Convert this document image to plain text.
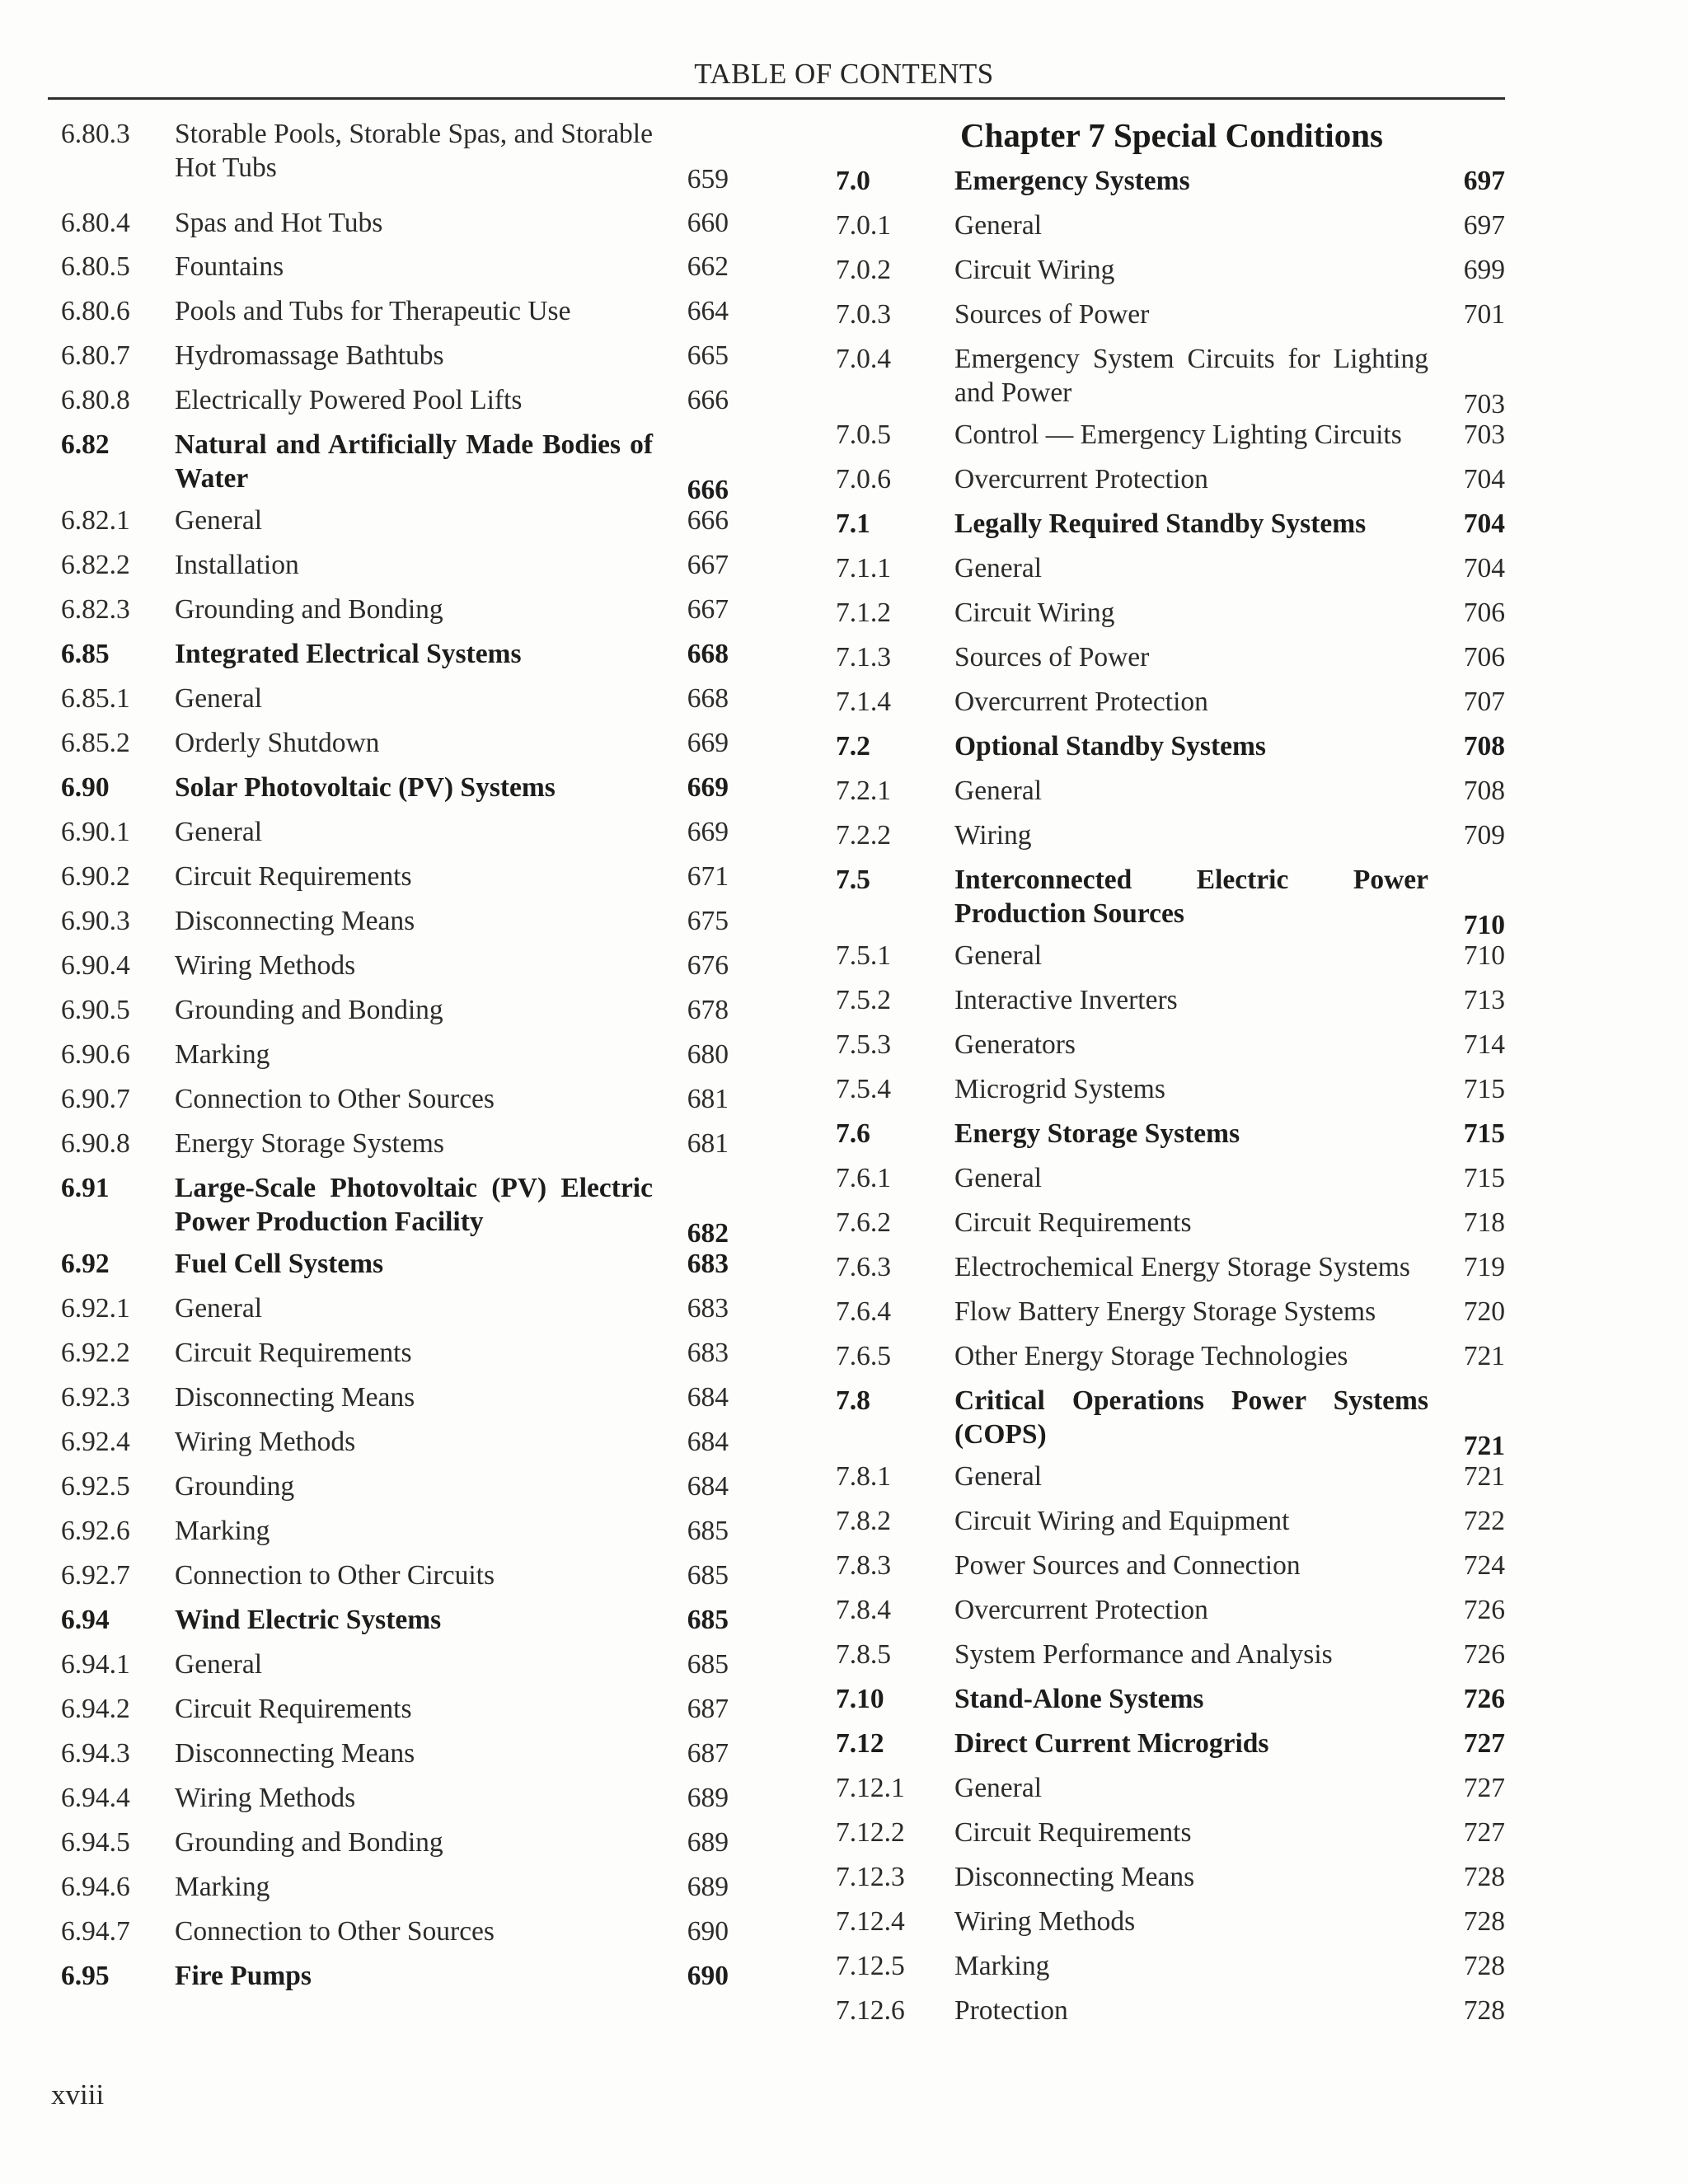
TABLE OF CONTENTS
6.80.3 Storable Pools, Storable Spas, and Storable Hot Tubs	659
6.80.4 Spas and Hot Tubs	660
6.80.5 Fountains	662
6.80.6 Pools and Tubs for Therapeutic Use	664
6.80.7 Hydromassage Bathtubs	665
6.80.8 Electrically Powered Pool Lifts	666
6.82 Natural and Artificially Made Bodies of Water	666
6.82.1 General	666
6.82.2 Installation	667
6.82.3 Grounding and Bonding	667
6.85 Integrated Electrical Systems	668
6.85.1 General	668
6.85.2 Orderly Shutdown	669
6.90 Solar Photovoltaic (PV) Systems	669
6.90.1 General	669
6.90.2 Circuit Requirements	671
6.90.3 Disconnecting Means	675
6.90.4 Wiring Methods	676
6.90.5 Grounding and Bonding	678
6.90.6 Marking	680
6.90.7 Connection to Other Sources	681
6.90.8 Energy Storage Systems	681
6.91 Large-Scale Photovoltaic (PV) Electric Power Production Facility	682
6.92 Fuel Cell Systems	683
6.92.1 General	683
6.92.2 Circuit Requirements	683
6.92.3 Disconnecting Means	684
6.92.4 Wiring Methods	684
6.92.5 Grounding	684
6.92.6 Marking	685
6.92.7 Connection to Other Circuits	685
6.94 Wind Electric Systems	685
6.94.1 General	685
6.94.2 Circuit Requirements	687
6.94.3 Disconnecting Means	687
6.94.4 Wiring Methods	689
6.94.5 Grounding and Bonding	689
6.94.6 Marking	689
6.94.7 Connection to Other Sources	690
6.95 Fire Pumps	690
Chapter 7 Special Conditions
7.0	Emergency Systems	697
7.0.1 General	697
7.0.2 Circuit Wiring	699
7.0.3 Sources of Power	701
7.0.4 Emergency System Circuits for Lighting and Power	703
7.0.5 Control — Emergency Lighting Circuits	703
7.0.6 Overcurrent Protection	704
7.1	Legally Required Standby Systems	704
7.1.1 General	704
7.1.2 Circuit Wiring	706
7.1.3 Sources of Power	706
7.1.4 Overcurrent Protection	707
7.2	Optional Standby Systems	708
7.2.1 General	708
7.2.2 Wiring	709
7.5	Interconnected Electric Power Production Sources	710
7.5.1 General	710
7.5.2 Interactive Inverters	713
7.5.3 Generators	714
7.5.4 Microgrid Systems	715
7.6	Energy Storage Systems	715
7.6.1 General	715
7.6.2 Circuit Requirements	718
7.6.3 Electrochemical Energy Storage Systems	719
7.6.4 Flow Battery Energy Storage Systems	720
7.6.5 Other Energy Storage Technologies	721
7.8	Critical Operations Power Systems (COPS)	721
7.8.1 General	721
7.8.2 Circuit Wiring and Equipment	722
7.8.3 Power Sources and Connection	724
7.8.4 Overcurrent Protection	726
7.8.5 System Performance and Analysis	726
7.10	Stand-Alone Systems	726
7.12	Direct Current Microgrids	727
7.12.1 General	727
7.12.2 Circuit Requirements	727
7.12.3 Disconnecting Means	728
7.12.4 Wiring Methods	728
7.12.5 Marking	728
7.12.6 Protection	728
xviii
